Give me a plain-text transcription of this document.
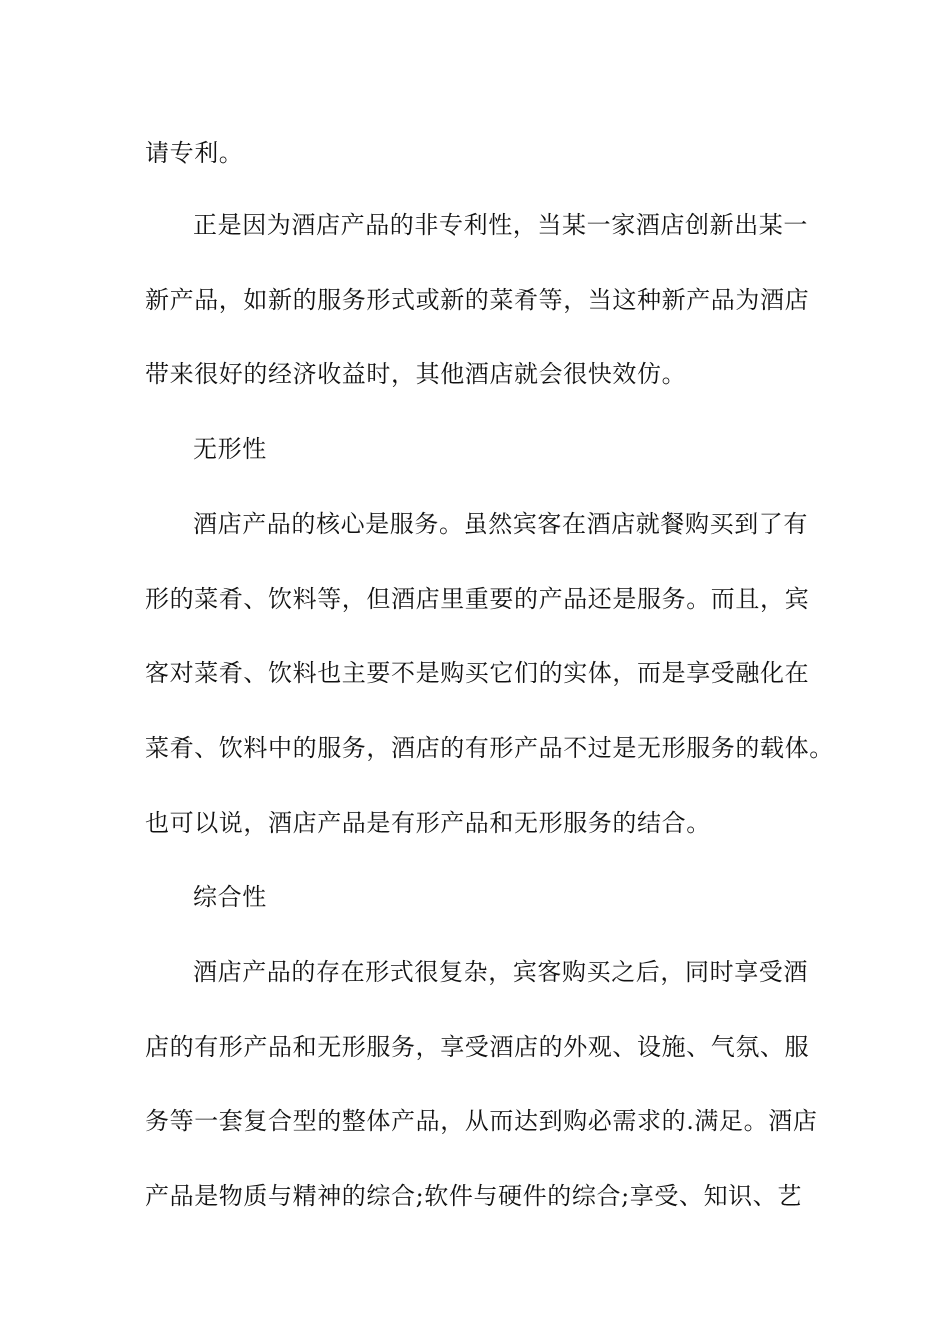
请专利。
正是因为酒店产品的非专利性，当某一家酒店创新出某一
新产品，如新的服务形式或新的菜肴等，当这种新产品为酒店
带来很好的经济收益时，其他酒店就会很快效仿。
无形性
酒店产品的核心是服务。虽然宾客在酒店就餐购买到了有
形的菜肴、饮料等，但酒店里重要的产品还是服务。而且，宾
客对菜肴、饮料也主要不是购买它们的实体，而是享受融化在
菜肴、饮料中的服务，酒店的有形产品不过是无形服务的载体。
也可以说，酒店产品是有形产品和无形服务的结合。
综合性
酒店产品的存在形式很复杂，宾客购买之后，同时享受酒
店的有形产品和无形服务，享受酒店的外观、设施、气氛、服
务等一套复合型的整体产品，从而达到购必需求的.满足。酒店
产品是物质与精神的综合;软件与硬件的综合;享受、知识、艺
